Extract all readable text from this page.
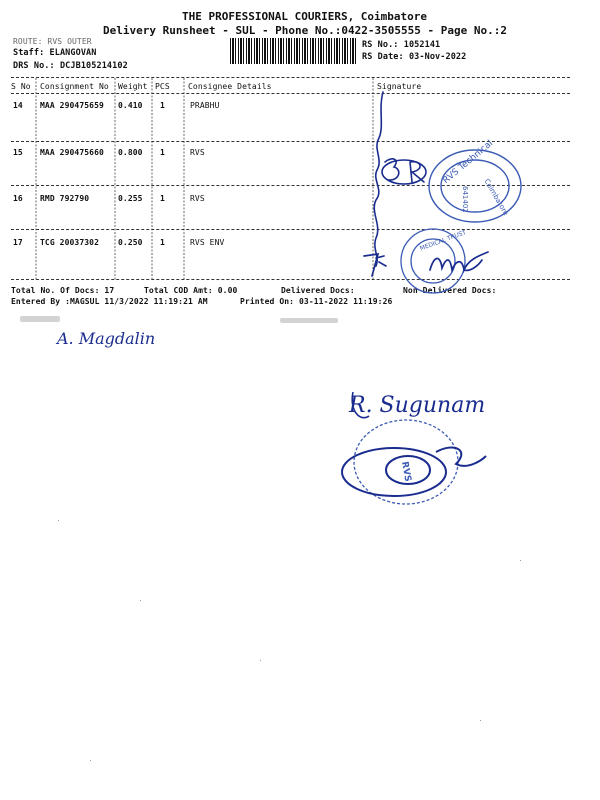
THE PROFESSIONAL COURIERS, Coimbatore
Delivery Runsheet - SUL - Phone No.:0422-3505555 - Page No.:2
ROUTE: RVS OUTER
Staff: ELANGOVAN
DRS No.: DCJB105214102
RS No.: 1052141
RS Date: 03-Nov-2022
S No Consignment No Weight PCS Consignee Details	Signature
14 MAA 290475659 0.410 1	PRABHU
15 MAA 290475660 0.800 1	RVS
16 RMD 792790	0.255 1	RVS
17 TCG 20037302 0.250 1	RVS ENV
Total No. Of Docs: 17	Total COD Amt: 0.00	Delivered Docs:	Non Delivered Docs:
Entered By :MAGSUL 11/3/2022 11:19:21 AM	Printed On: 03-11-2022 11:19:26
RVS Technical
Coimbatore
641402
MEDICAL TRUST
A. Magdalin
R. Sugunam
RVS
